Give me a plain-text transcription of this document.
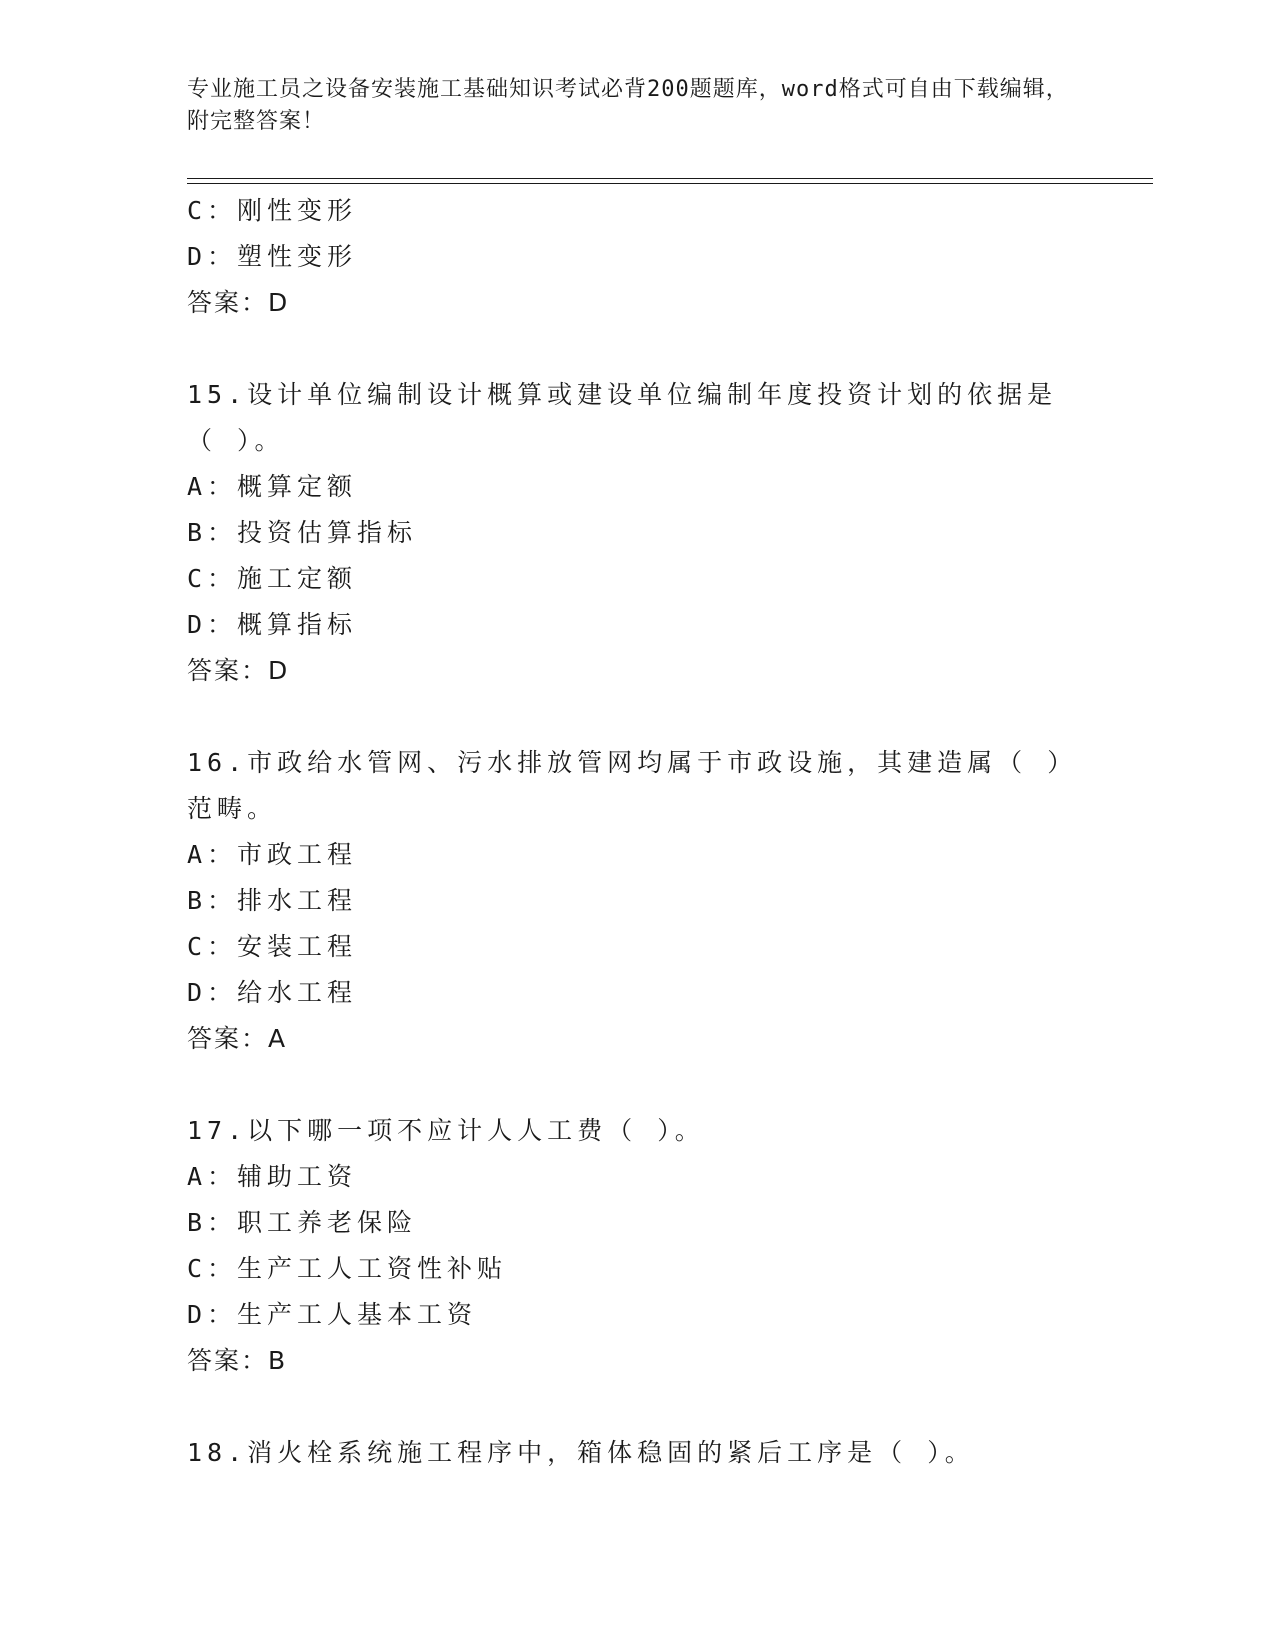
专业施工员之设备安装施工基础知识考试必背200题题库，word格式可自由下载编辑，附完整答案！
C：刚性变形
D：塑性变形
答案：D
15.设计单位编制设计概算或建设单位编制年度投资计划的依据是（ ）。
A：概算定额
B：投资估算指标
C：施工定额
D：概算指标
答案：D
16.市政给水管网、污水排放管网均属于市政设施，其建造属（ ）范畴。
A：市政工程
B：排水工程
C：安装工程
D：给水工程
答案：A
17.以下哪一项不应计人人工费（ ）。
A：辅助工资
B：职工养老保险
C：生产工人工资性补贴
D：生产工人基本工资
答案：B
18.消火栓系统施工程序中，箱体稳固的紧后工序是（ ）。
